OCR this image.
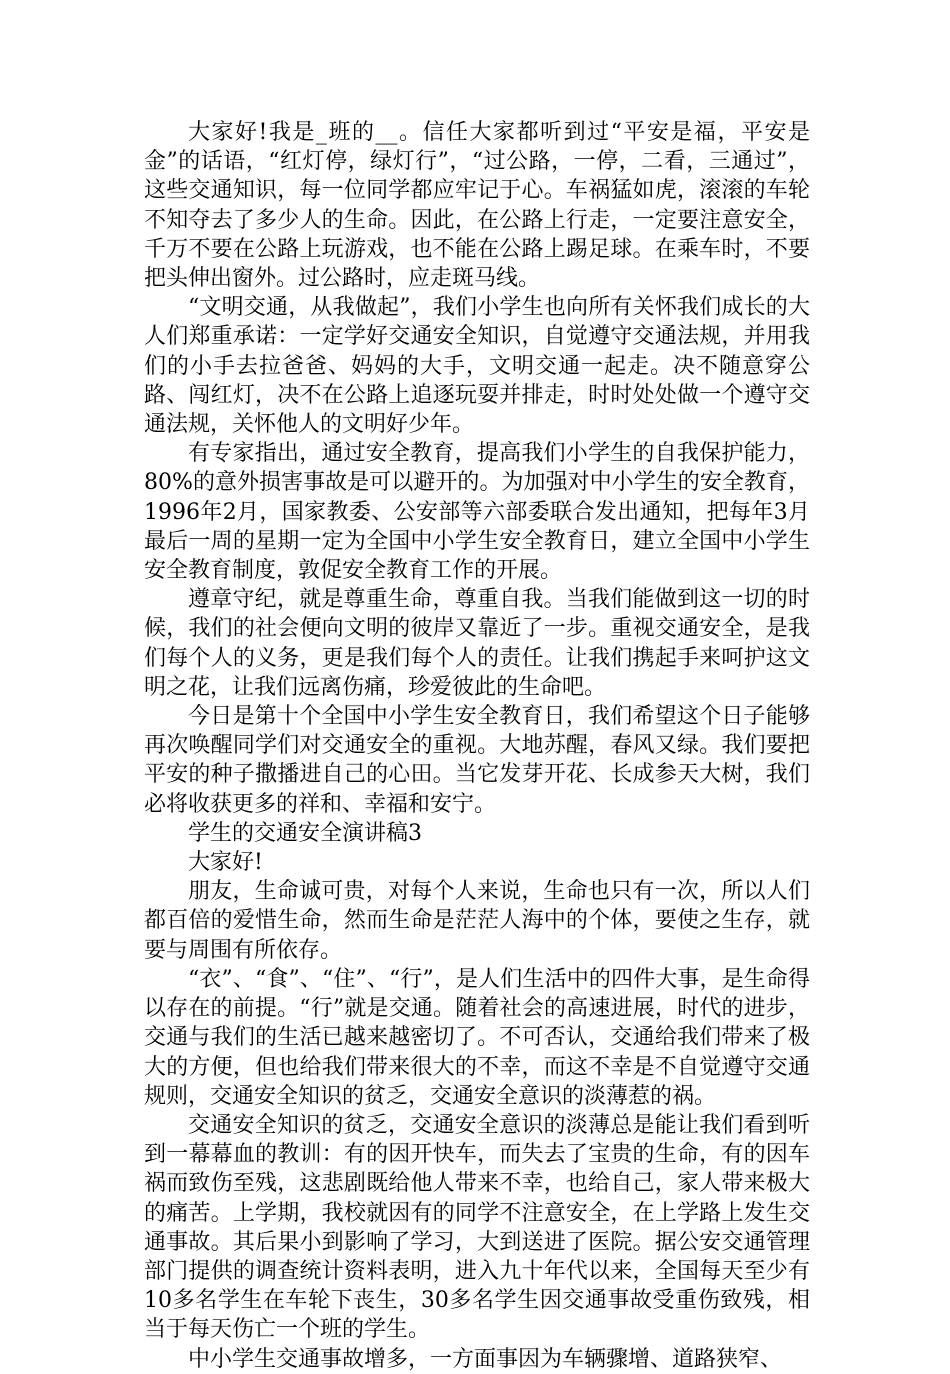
大家好!我是_班的__。信任大家都听到过“平安是福，平安是金”的话语，“红灯停，绿灯行”，“过公路，一停，二看，三通过”，这些交通知识，每一位同学都应牢记于心。车祸猛如虎，滚滚的车轮不知夺去了多少人的生命。因此，在公路上行走，一定要注意安全，千万不要在公路上玩游戏，也不能在公路上踢足球。在乘车时，不要把头伸出窗外。过公路时，应走斑马线。

“文明交通，从我做起”，我们小学生也向所有关怀我们成长的大人们郑重承诺：一定学好交通安全知识，自觉遵守交通法规，并用我们的小手去拉爸爸、妈妈的大手，文明交通一起走。决不随意穿公路、闯红灯，决不在公路上追逐玩耍并排走，时时处处做一个遵守交通法规，关怀他人的文明好少年。

有专家指出，通过安全教育，提高我们小学生的自我保护能力，80%的意外损害事故是可以避开的。为加强对中小学生的安全教育，1996年2月，国家教委、公安部等六部委联合发出通知，把每年3月最后一周的星期一定为全国中小学生安全教育日，建立全国中小学生安全教育制度，敦促安全教育工作的开展。

遵章守纪，就是尊重生命，尊重自我。当我们能做到这一切的时候，我们的社会便向文明的彼岸又靠近了一步。重视交通安全，是我们每个人的义务，更是我们每个人的责任。让我们携起手来呵护这文明之花，让我们远离伤痛，珍爱彼此的生命吧。

今日是第十个全国中小学生安全教育日，我们希望这个日子能够再次唤醒同学们对交通安全的重视。大地苏醒，春风又绿。我们要把平安的种子撒播进自己的心田。当它发芽开花、长成参天大树，我们必将收获更多的祥和、幸福和安宁。

学生的交通安全演讲稿3

大家好!

朋友，生命诚可贵，对每个人来说，生命也只有一次，所以人们都百倍的爱惜生命，然而生命是茫茫人海中的个体，要使之生存，就要与周围有所依存。

“衣”、“食”、“住”、“行”，是人们生活中的四件大事，是生命得以存在的前提。“行”就是交通。随着社会的高速进展，时代的进步，交通与我们的生活已越来越密切了。不可否认，交通给我们带来了极大的方便，但也给我们带来很大的不幸，而这不幸是不自觉遵守交通规则，交通安全知识的贫乏，交通安全意识的淡薄惹的祸。

交通安全知识的贫乏，交通安全意识的淡薄总是能让我们看到听到一幕幕血的教训：有的因开快车，而失去了宝贵的生命，有的因车祸而致伤至残，这悲剧既给他人带来不幸，也给自己，家人带来极大的痛苦。上学期，我校就因有的同学不注意安全，在上学路上发生交通事故。其后果小到影响了学习，大到送进了医院。据公安交通管理部门提供的调查统计资料表明，进入九十年代以来，全国每天至少有10多名学生在车轮下丧生，30多名学生因交通事故受重伤致残，相当于每天伤亡一个班的学生。

中小学生交通事故增多，一方面事因为车辆骤增、道路狭窄、
